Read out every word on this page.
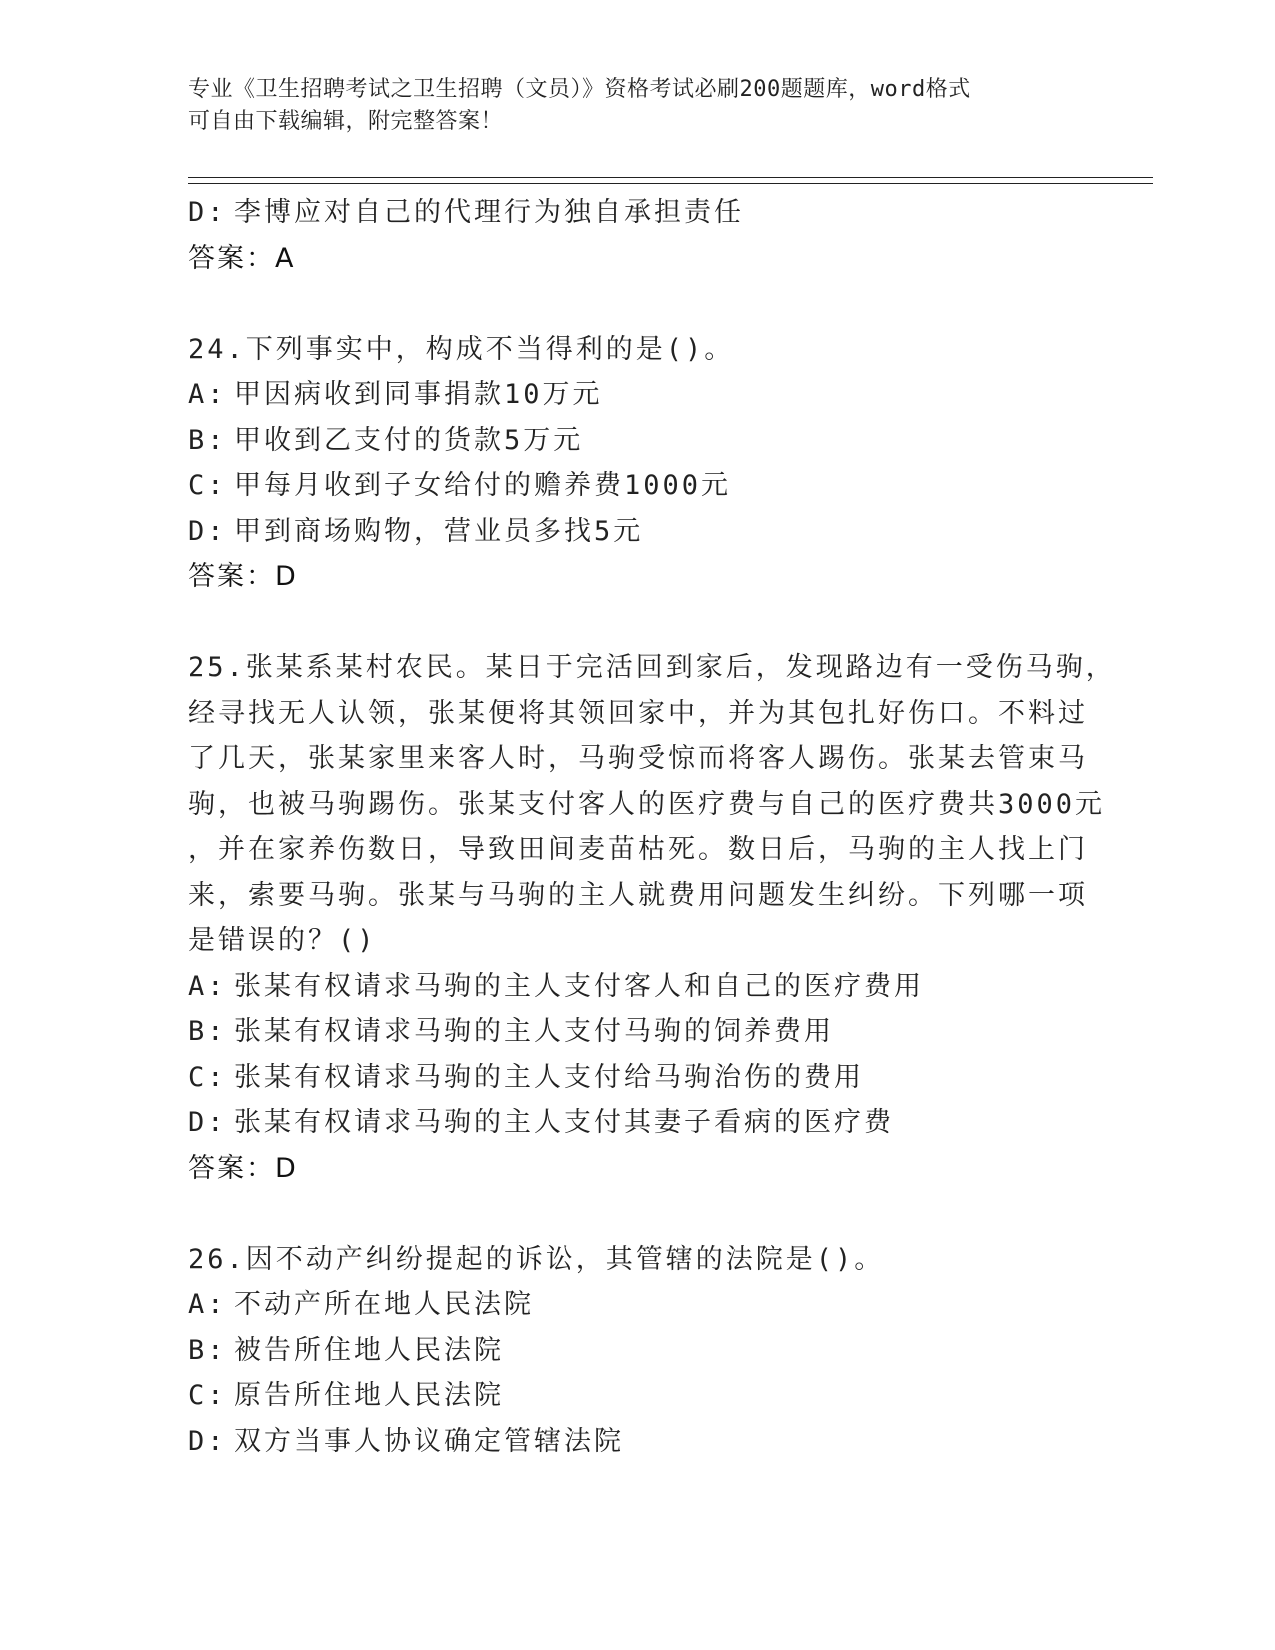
专业《卫生招聘考试之卫生招聘（文员）》资格考试必刷200题题库，word格式
可自由下载编辑，附完整答案！
D: 李博应对自己的代理行为独自承担责任
答案：A
24.下列事实中，构成不当得利的是()。
A: 甲因病收到同事捐款10万元
B: 甲收到乙支付的货款5万元
C: 甲每月收到子女给付的赡养费1000元
D: 甲到商场购物，营业员多找5元
答案：D
25.张某系某村农民。某日于完活回到家后，发现路边有一受伤马驹，
经寻找无人认领，张某便将其领回家中，并为其包扎好伤口。不料过
了几天，张某家里来客人时，马驹受惊而将客人踢伤。张某去管束马
驹，也被马驹踢伤。张某支付客人的医疗费与自己的医疗费共3000元
，并在家养伤数日，导致田间麦苗枯死。数日后，马驹的主人找上门
来，索要马驹。张某与马驹的主人就费用问题发生纠纷。下列哪一项
是错误的？()
A: 张某有权请求马驹的主人支付客人和自己的医疗费用
B: 张某有权请求马驹的主人支付马驹的饲养费用
C: 张某有权请求马驹的主人支付给马驹治伤的费用
D: 张某有权请求马驹的主人支付其妻子看病的医疗费
答案：D
26.因不动产纠纷提起的诉讼，其管辖的法院是()。
A: 不动产所在地人民法院
B: 被告所住地人民法院
C: 原告所住地人民法院
D: 双方当事人协议确定管辖法院
